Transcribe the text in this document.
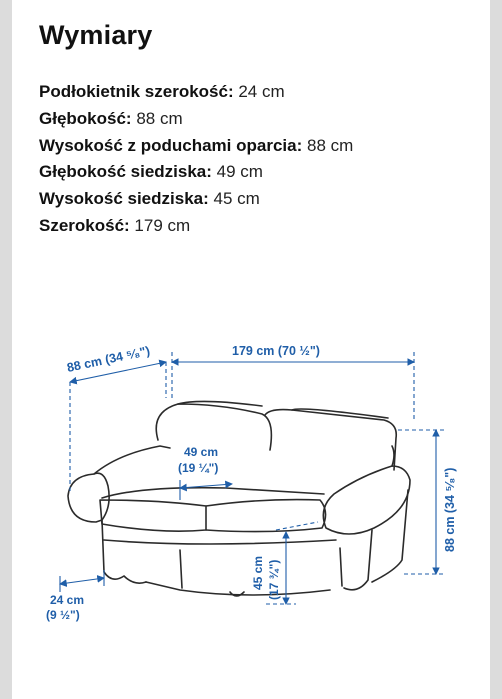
Wymiary
Podłokietnik szerokość: 24 cm
Głębokość: 88 cm
Wysokość z poduchami oparcia: 88 cm
Głębokość siedziska: 49 cm
Wysokość siedziska: 45 cm
Szerokość: 179 cm
88 cm (34 ⁵⁄₈")	179 cm (70 ½")
49 cm
(19 ¼")	88 cm (34 ⁵⁄₈")
45 cm (17 ¾")
24 cm
(9 ½")
